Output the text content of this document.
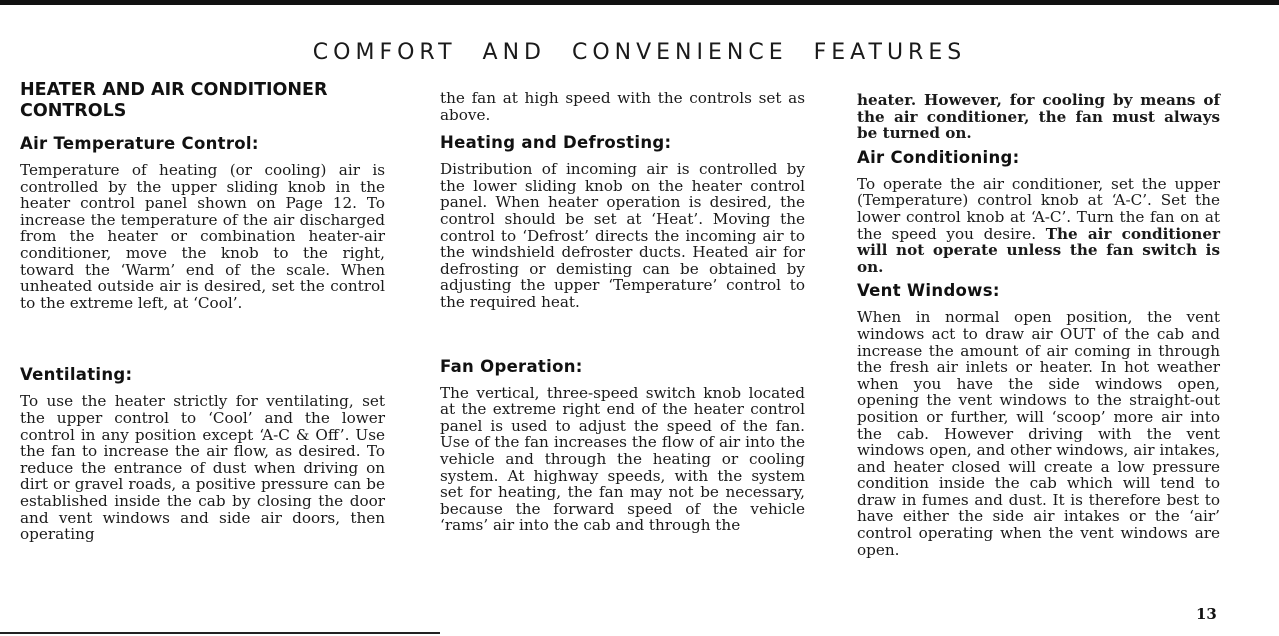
COMFORT AND CONVENIENCE FEATURES
HEATER AND AIR CONDITIONER CONTROLS
Air Temperature Control:

Temperature of heating (or cooling) air is controlled by the upper sliding knob in the heater control panel shown on Page 12. To increase the temperature of the air discharged from the heater or combination heater-air conditioner, move the knob to the right, toward the ‘Warm’ end of the scale. When unheated outside air is desired, set the control to the extreme left, at ‘Cool’.

Ventilating:

To use the heater strictly for ventilating, set the upper control to ‘Cool’ and the lower control in any position except ‘A-C & Off’. Use the fan to increase the air flow, as desired. To reduce the entrance of dust when driving on dirt or gravel roads, a positive pressure can be established inside the cab by closing the door and vent windows and side air doors, then operating

the fan at high speed with the controls set as above.

Heating and Defrosting:

Distribution of incoming air is controlled by the lower sliding knob on the heater control panel. When heater operation is desired, the control should be set at ‘Heat’. Moving the control to ‘Defrost’ directs the incoming air to the windshield defroster ducts. Heated air for defrosting or demisting can be obtained by adjusting the upper ‘Temperature’ control to the required heat.

Fan Operation:

The vertical, three-speed switch knob located at the extreme right end of the heater control panel is used to adjust the speed of the fan. Use of the fan increases the flow of air into the vehicle and through the heating or cooling system. At highway speeds, with the system set for heating, the fan may not be necessary, because the forward speed of the vehicle ‘rams’ air into the cab and through the

heater. However, for cooling by means of the air conditioner, the fan must always be turned on.

Air Conditioning:

To operate the air conditioner, set the upper (Temperature) control knob at ‘A-C’. Set the lower control knob at ‘A-C’. Turn the fan on at the speed you desire. The air conditioner will not operate unless the fan switch is on.

Vent Windows:

When in normal open position, the vent windows act to draw air OUT of the cab and increase the amount of air coming in through the fresh air inlets or heater. In hot weather when you have the side windows open, opening the vent windows to the straight-out position or further, will ‘scoop’ more air into the cab. However driving with the vent windows open, and other windows, air intakes, and heater closed will create a low pressure condition inside the cab which will tend to draw in fumes and dust. It is therefore best to have either the side air intakes or the ‘air’ control operating when the vent windows are open.

13
